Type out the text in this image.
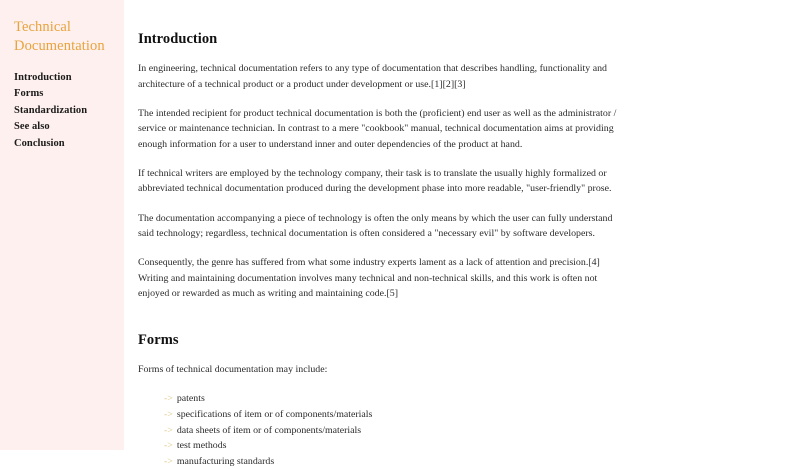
Technical Documentation
Introduction
Forms
Standardization
See also
Conclusion
Introduction

In engineering, technical documentation refers to any type of documentation that describes handling, functionality and architecture of a technical product or a product under development or use.[1][2][3]

The intended recipient for product technical documentation is both the (proficient) end user as well as the administrator / service or maintenance technician. In contrast to a mere "cookbook" manual, technical documentation aims at providing enough information for a user to understand inner and outer dependencies of the product at hand.

If technical writers are employed by the technology company, their task is to translate the usually highly formalized or abbreviated technical documentation produced during the development phase into more readable, "user-friendly" prose.

The documentation accompanying a piece of technology is often the only means by which the user can fully understand said technology; regardless, technical documentation is often considered a "necessary evil" by software developers.

Consequently, the genre has suffered from what some industry experts lament as a lack of attention and precision.[4] Writing and maintaining documentation involves many technical and non-technical skills, and this work is often not enjoyed or rewarded as much as writing and maintaining code.[5]

Forms

Forms of technical documentation may include:

-> patents
-> specifications of item or of components/materials
-> data sheets of item or of components/materials
-> test methods
-> manufacturing standards
